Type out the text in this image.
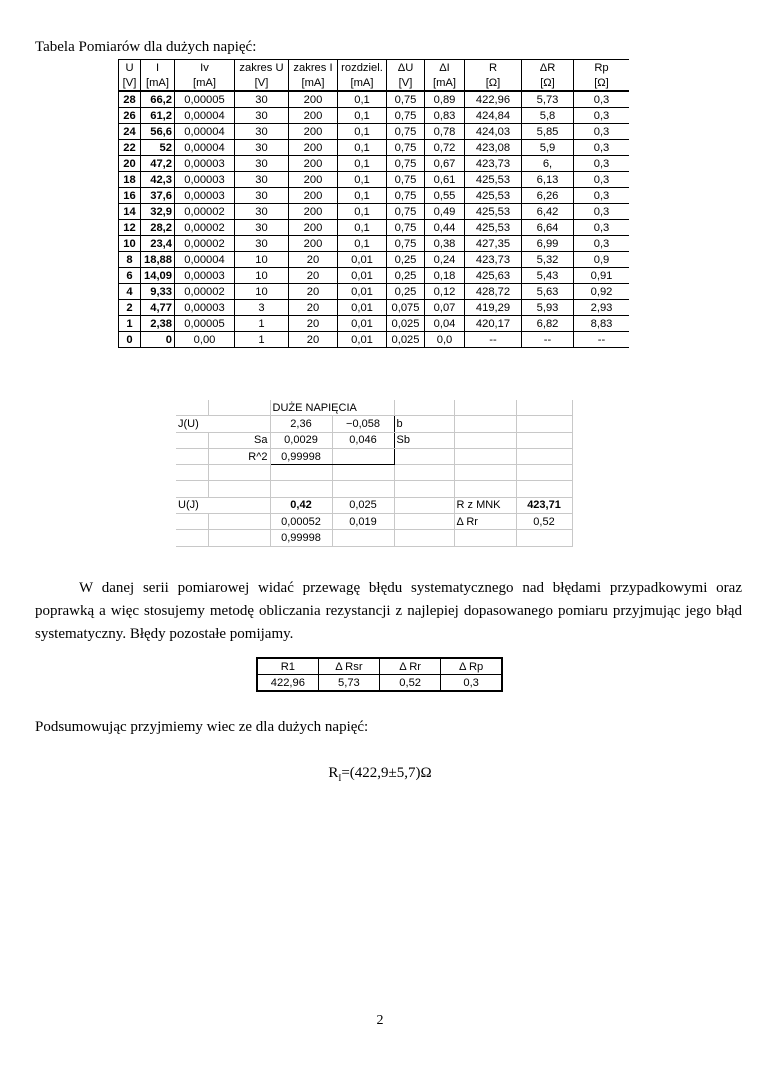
Tabela Pomiarów dla dużych napięć:
U	I	Iv	zakres U	zakres I	rozdziel.	ΔU	ΔI	R	ΔR	Rp
[V]	[mA]	[mA]	[V]	[mA]	[mA]	[V]	[mA]	[Ω]	[Ω]	[Ω]
28	66,2	0,00005	30	200	0,1	0,75	0,89	422,96	5,73	0,3
26	61,2	0,00004	30	200	0,1	0,75	0,83	424,84	5,8	0,3
24	56,6	0,00004	30	200	0,1	0,75	0,78	424,03	5,85	0,3
22	52	0,00004	30	200	0,1	0,75	0,72	423,08	5,9	0,3
20	47,2	0,00003	30	200	0,1	0,75	0,67	423,73	6,	0,3
18	42,3	0,00003	30	200	0,1	0,75	0,61	425,53	6,13	0,3
16	37,6	0,00003	30	200	0,1	0,75	0,55	425,53	6,26	0,3
14	32,9	0,00002	30	200	0,1	0,75	0,49	425,53	6,42	0,3
12	28,2	0,00002	30	200	0,1	0,75	0,44	425,53	6,64	0,3
10	23,4	0,00002	30	200	0,1	0,75	0,38	427,35	6,99	0,3
8	18,88	0,00004	10	20	0,01	0,25	0,24	423,73	5,32	0,9
6	14,09	0,00003	10	20	0,01	0,25	0,18	425,63	5,43	0,91
4	9,33	0,00002	10	20	0,01	0,25	0,12	428,72	5,63	0,92
2	4,77	0,00003	3	20	0,01	0,075	0,07	419,29	5,93	2,93
1	2,38	0,00005	1	20	0,01	0,025	0,04	420,17	6,82	8,83
0	0	0,00	1	20	0,01	0,025	0,0	--	--	--
		DUŻE NAPIĘCIA				
J(U)		2,36	−0,058	b		
	Sa	0,0029	0,046	Sb		
	R^2	0,99998				

U(J)		0,42	0,025		R z MNK	423,71
		0,00052	0,019		Δ Rr	0,52
		0,99998				

W danej serii pomiarowej widać przewagę błędu systematycznego nad błędami przypadkowymi oraz poprawką a więc stosujemy metodę obliczania rezystancji z najlepiej dopasowanego pomiaru przyjmując jego błąd systematyczny. Błędy pozostałe pomijamy.

R1	Δ Rsr	Δ Rr	Δ Rp
422,96	5,73	0,52	0,3
Podsumowując przyjmiemy wiec ze dla dużych napięć:
$R_I=(422,9\pm 5,7)\Omega$
2
